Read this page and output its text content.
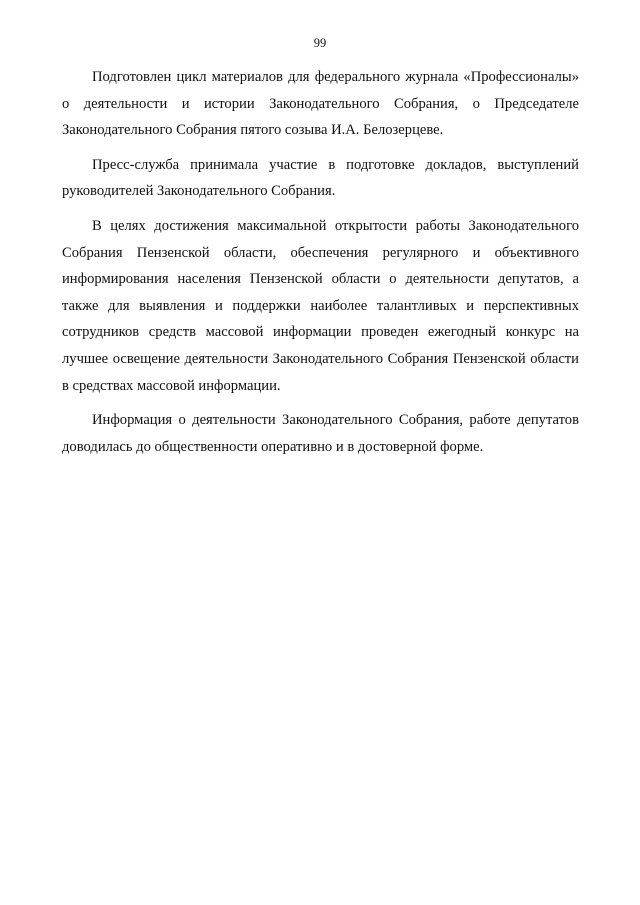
99

Подготовлен цикл материалов для федерального журнала «Профессионалы» о деятельности и истории Законодательного Собрания, о Председателе Законодательного Собрания пятого созыва И.А. Белозерцеве.

Пресс-служба принимала участие в подготовке докладов, выступлений руководителей Законодательного Собрания.

В целях достижения максимальной открытости работы Законодательного Собрания Пензенской области, обеспечения регулярного и объективного информирования населения Пензенской области о деятельности депутатов, а также для выявления и поддержки наиболее талантливых и перспективных сотрудников средств массовой информации проведен ежегодный конкурс на лучшее освещение деятельности Законодательного Собрания Пензенской области в средствах массовой информации.

Информация о деятельности Законодательного Собрания, работе депутатов доводилась до общественности оперативно и в достоверной форме.
